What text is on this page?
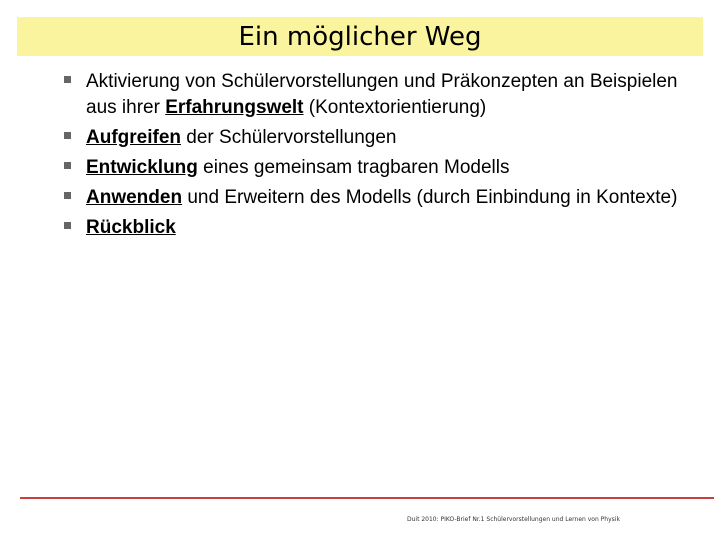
Ein möglicher Weg
Aktivierung von Schülervorstellungen und Präkonzepten an Beispielen aus ihrer Erfahrungswelt (Kontextorientierung)
Aufgreifen der Schülervorstellungen
Entwicklung eines gemeinsam tragbaren Modells
Anwenden und Erweitern des Modells (durch Einbindung in Kontexte)
Rückblick
Duit 2010: PIKO-Brief Nr.1 Schülervorstellungen und Lernen von Physik
